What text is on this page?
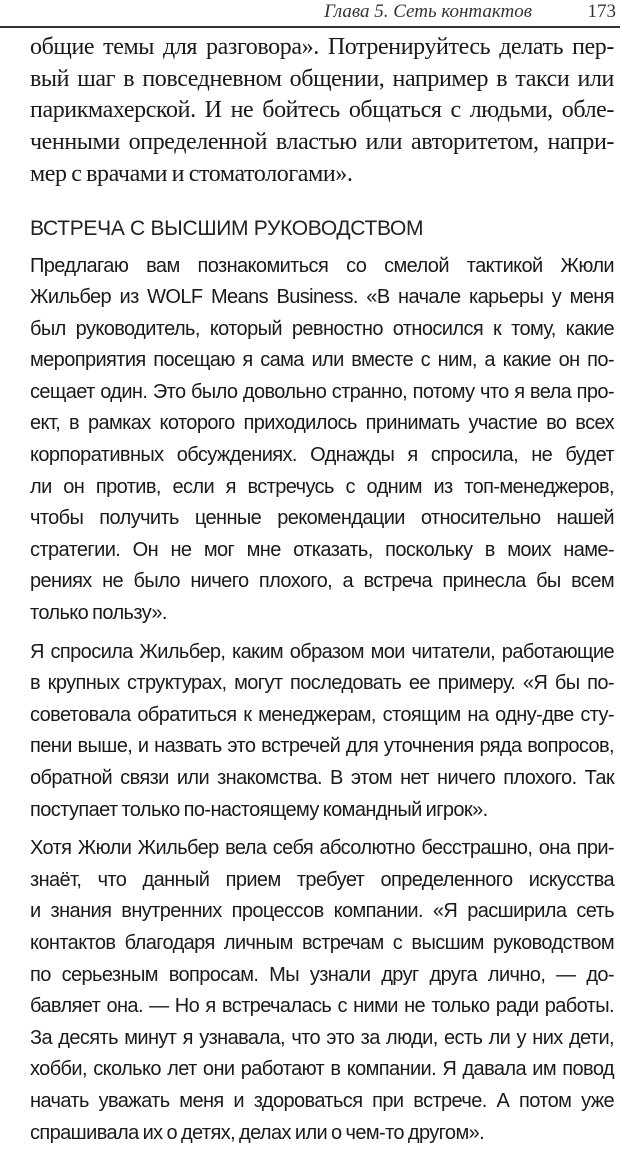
Глава 5. Сеть контактов	173
общие темы для разговора». Потренируйтесь делать пер-
вый шаг в повседневном общении, например в такси или
парикмахерской. И не бойтесь общаться с людьми, обле-
ченными определенной властью или авторитетом, напри-
мер с врачами и стоматологами».
ВСТРЕЧА С ВЫСШИМ РУКОВОДСТВОМ
Предлагаю вам познакомиться со смелой тактикой Жюли
Жильбер из WOLF Means Business. «В начале карьеры у меня
был руководитель, который ревностно относился к тому, какие
мероприятия посещаю я сама или вместе с ним, а какие он по-
сещает один. Это было довольно странно, потому что я вела про-
ект, в рамках которого приходилось принимать участие во всех
корпоративных обсуждениях. Однажды я спросила, не будет
ли он против, если я встречусь с одним из топ-менеджеров,
чтобы получить ценные рекомендации относительно нашей
стратегии. Он не мог мне отказать, поскольку в моих наме-
рениях не было ничего плохого, а встреча принесла бы всем
только пользу».
Я спросила Жильбер, каким образом мои читатели, работающие
в крупных структурах, могут последовать ее примеру. «Я бы по-
советовала обратиться к менеджерам, стоящим на одну-две сту-
пени выше, и назвать это встречей для уточнения ряда вопросов,
обратной связи или знакомства. В этом нет ничего плохого. Так
поступает только по-настоящему командный игрок».
Хотя Жюли Жильбер вела себя абсолютно бесстрашно, она при-
знаёт, что данный прием требует определенного искусства
и знания внутренних процессов компании. «Я расширила сеть
контактов благодаря личным встречам с высшим руководством
по серьезным вопросам. Мы узнали друг друга лично, — до-
бавляет она. — Но я встречалась с ними не только ради работы.
За десять минут я узнавала, что это за люди, есть ли у них дети,
хобби, сколько лет они работают в компании. Я давала им повод
начать уважать меня и здороваться при встрече. А потом уже
спрашивала их о детях, делах или о чем-то другом».
